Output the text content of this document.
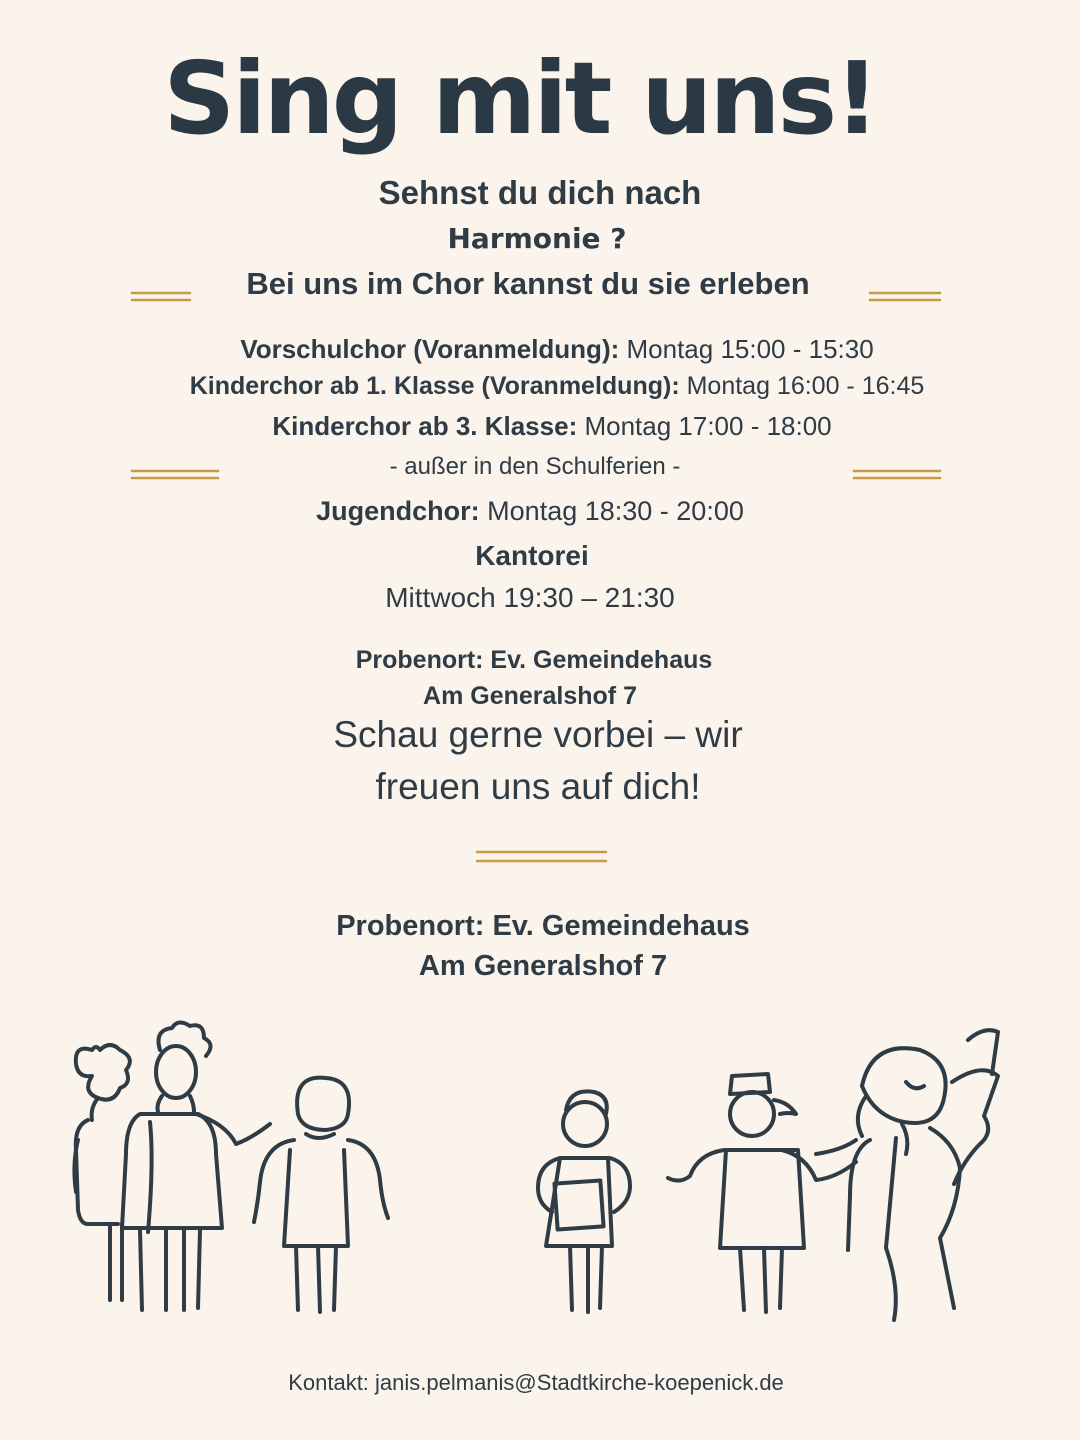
Sing mit uns!
Sehnst du dich nach
Harmonie ?
Bei uns im Chor kannst du sie erleben
Vorschulchor (Voranmeldung): Montag 15:00 - 15:30
Kinderchor ab 1. Klasse (Voranmeldung): Montag 16:00 - 16:45
Kinderchor ab 3. Klasse: Montag 17:00 - 18:00
- außer in den Schulferien -
Jugendchor: Montag 18:30 - 20:00
Kantorei
Mittwoch 19:30 – 21:30
Probenort: Ev. Gemeindehaus
Am Generalshof 7
Schau gerne vorbei – wir
freuen uns auf dich!
Probenort: Ev. Gemeindehaus
Am Generalshof 7
Kontakt: janis.pelmanis@Stadtkirche-koepenick.de
